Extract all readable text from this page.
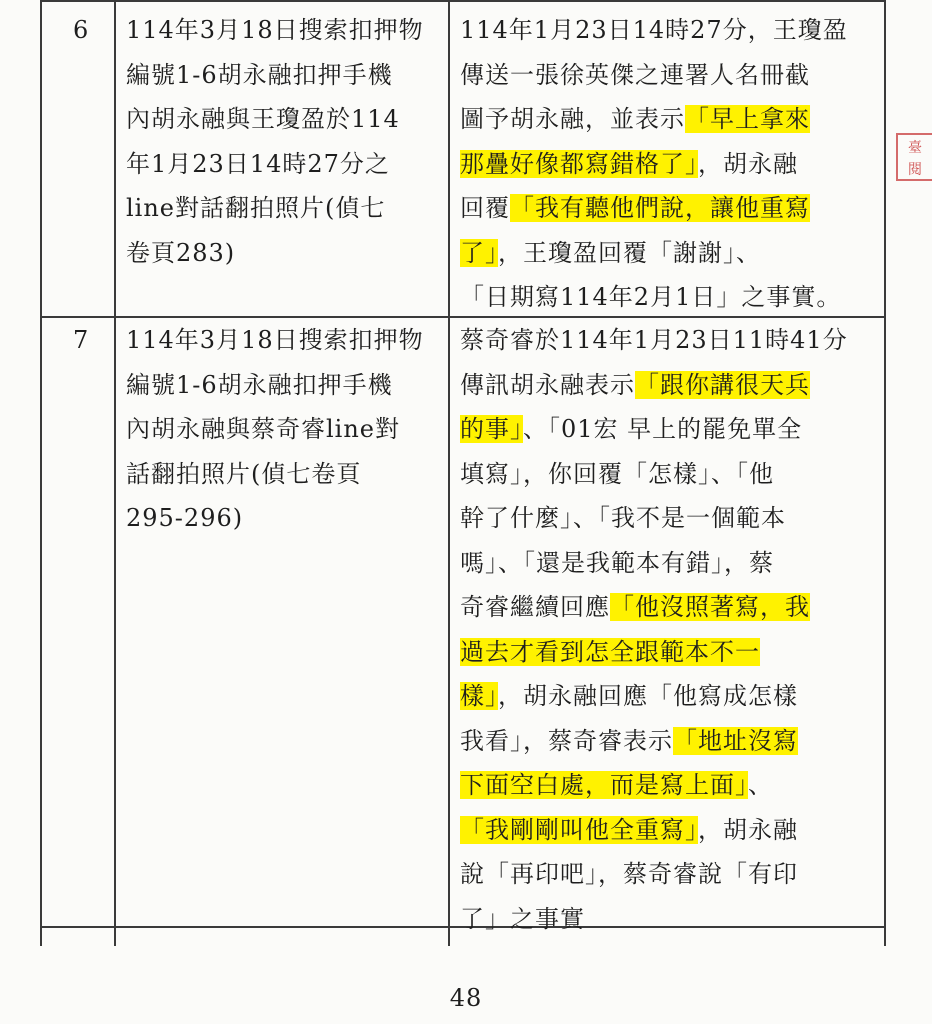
6 114年3月18日搜索扣押物
編號1-6胡永融扣押手機
內胡永融與王瓊盈於114
年1月23日14時27分之
line對話翻拍照片(偵七
卷頁283)
114年1月23日14時27分，王瓊盈
傳送一張徐英傑之連署人名冊截
圖予胡永融，並表示「早上拿來
那疊好像都寫錯格了」，胡永融
回覆「我有聽他們說，讓他重寫
了」，王瓊盈回覆「謝謝」、
「日期寫114年2月1日」之事實。
7 114年3月18日搜索扣押物
編號1-6胡永融扣押手機
內胡永融與蔡奇睿line對
話翻拍照片(偵七卷頁
295-296)
蔡奇睿於114年1月23日11時41分
傳訊胡永融表示「跟你講很天兵
的事」、「01宏 早上的罷免單全
填寫」，你回覆「怎樣」、「他
幹了什麼」、「我不是一個範本
嗎」、「還是我範本有錯」，蔡
奇睿繼續回應「他沒照著寫，我
過去才看到怎全跟範本不一
樣」，胡永融回應「他寫成怎樣
我看」，蔡奇睿表示「地址沒寫
下面空白處，而是寫上面」、
「我剛剛叫他全重寫」，胡永融
說「再印吧」，蔡奇睿說「有印
了」之事實
臺
閱
48
